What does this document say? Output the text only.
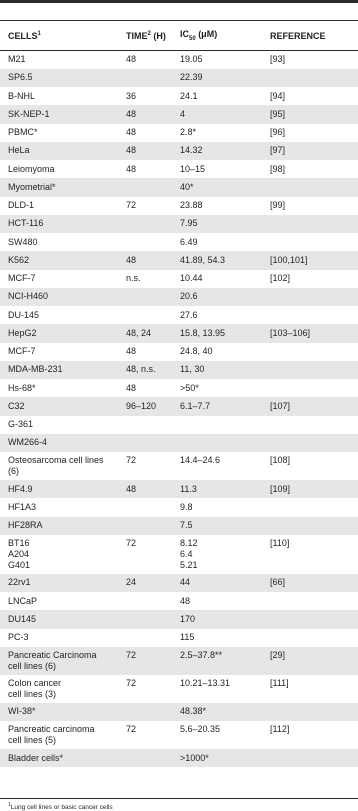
CELLS$^1$	TIME$^2$ (H)	$IC_{50}$ (μM)	REFERENCE

M21	48	19.05	[93]

SP6.5		22.39	

B-NHL	36	24.1	[94]

SK-NEP-1	48	4	[95]

PBMC*	48	2.8*	[96]

HeLa	48	14.32	[97]

Leiomyoma	48	10–15	[98]

Myometrial*		40*	

DLD-1	72	23.88	[99]

HCT-116		7.95	

SW480		6.49	

K562	48	41.89, 54.3	[100,101]

MCF-7	n.s.	10.44	[102]

NCI-H460		20.6	

DU-145		27.6	

HepG2	48, 24	15.8, 13.95	[103–106]

MCF-7	48	24.8, 40	

MDA-MB-231	48, n.s.	11, 30	

Hs-68*	48	>50*	

C32	96–120	6.1–7.7	[107]

G-361			

WM266-4			

Osteosarcoma cell lines
(6)	72	14.4–24.6	[108]

HF4.9	48	11.3	[109]

HF1A3		9.8	

HF28RA		7.5	

BT16
A204
G401	72	8.12
6.4
5.21	[110]

22rv1	24	44	[66]

LNCaP		48	

DU145		170	

PC-3		115	

Pancreatic Carcinoma
cell lines (6)	72	2.5–37.8**	[29]

Colon cancer
cell lines (3)	72	10.21–13.31	[111]

WI-38*		48.38*	

Pancreatic carcinoma
cell lines (5)	72	5.6–20.35	[112]

Bladder cells*		>1000*	

$^1$Lung cell lines or basic cancer cells
